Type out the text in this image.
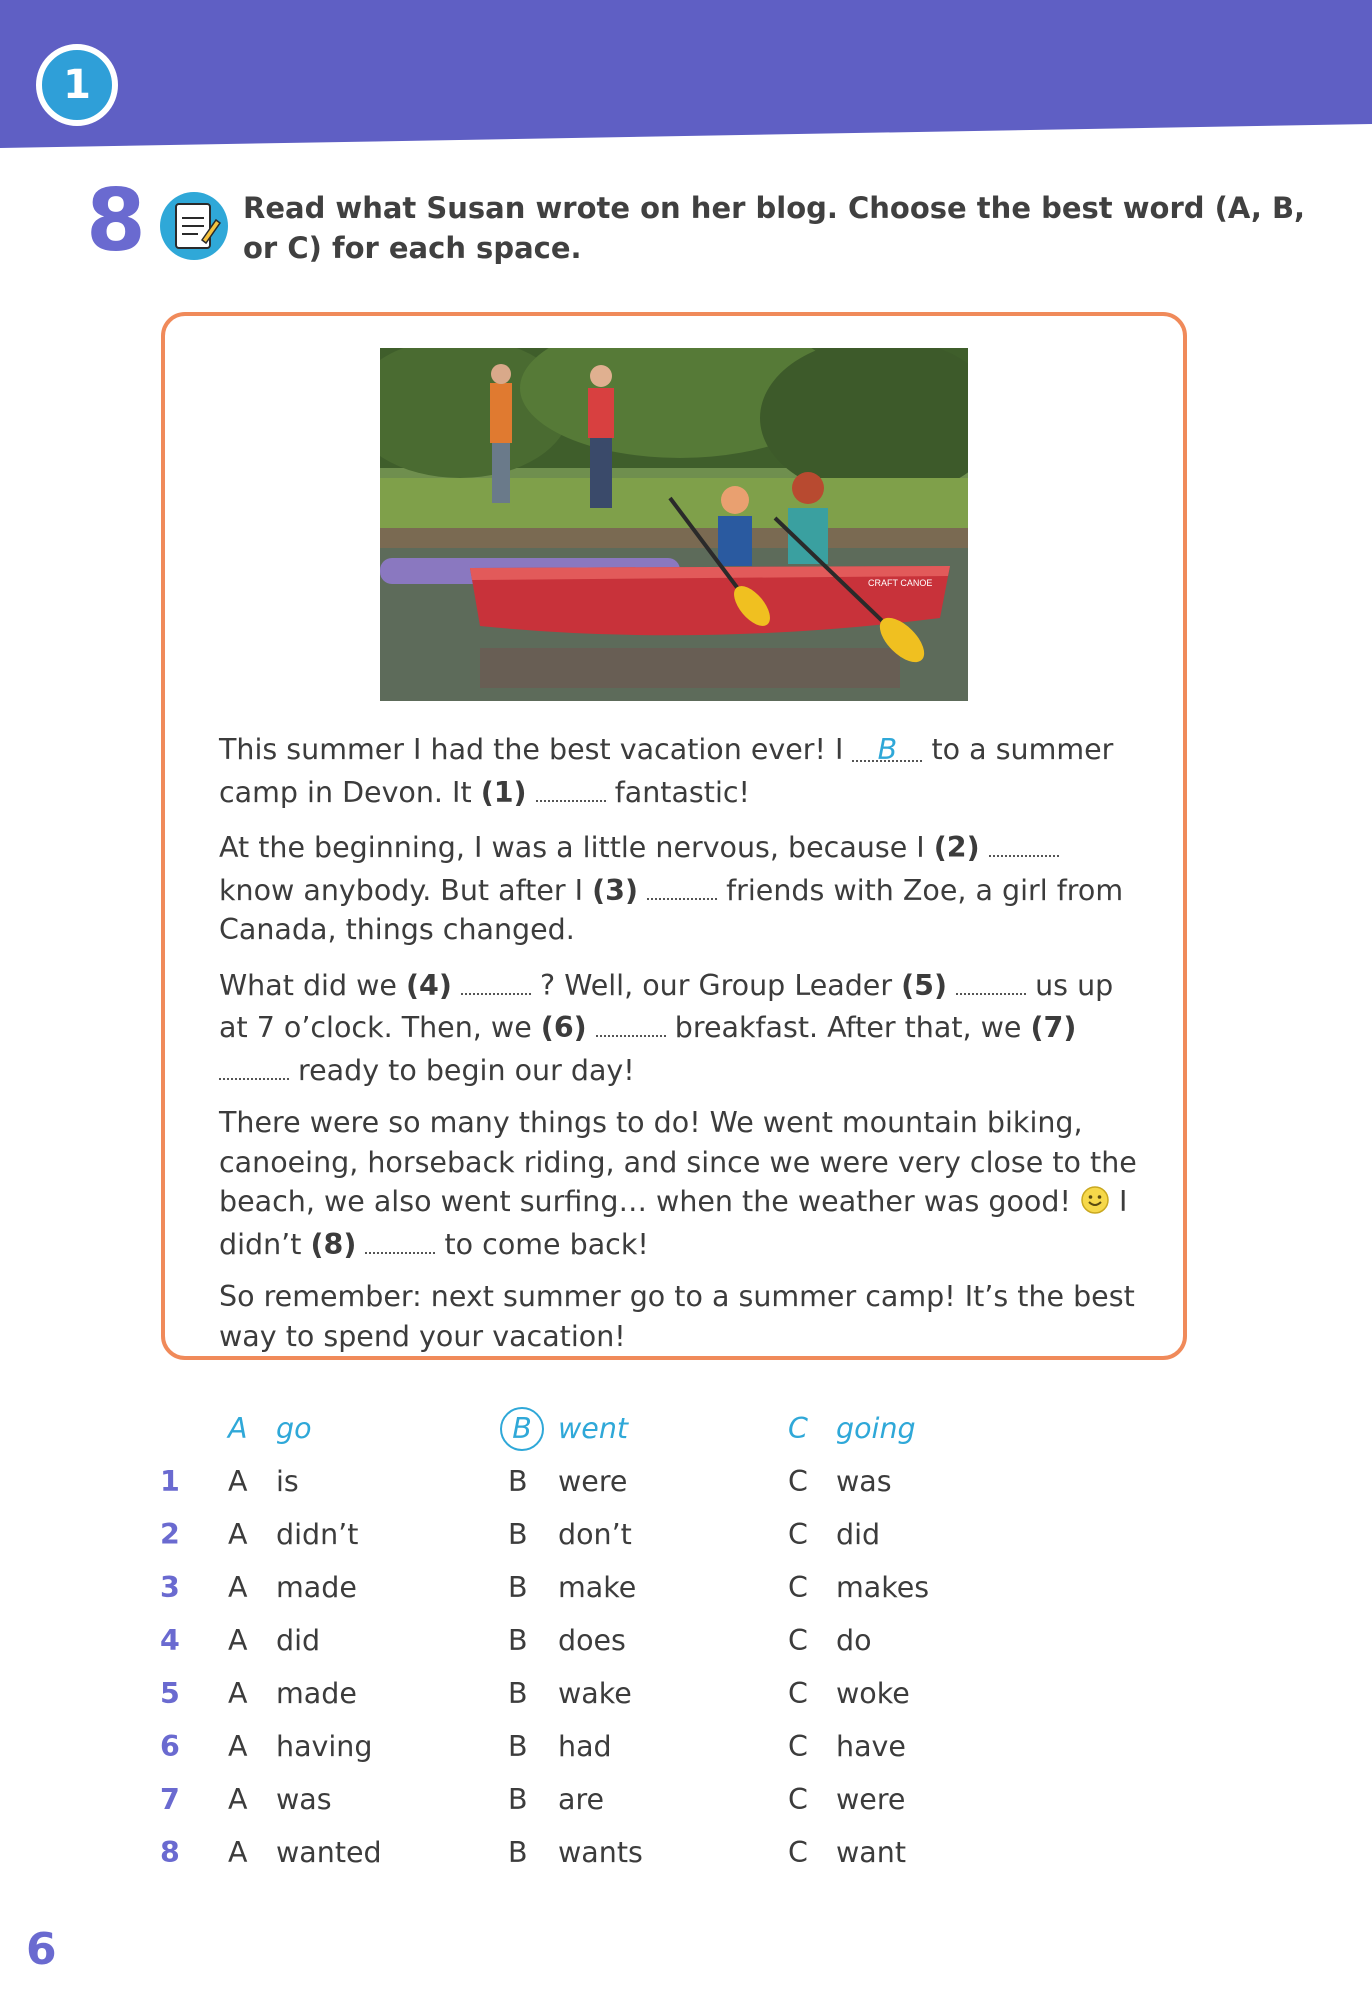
1
8	Read what Susan wrote on her blog. Choose the best word (A, B, or C) for each space.
CRAFT CANOE

This summer I had the best vacation ever! I B to a summer camp in Devon. It (1)	fantastic!

At the beginning, I was a little nervous, because I (2)  know anybody. But after I (3)	friends with Zoe, a girl from Canada, things changed.

What did we (4)	? Well, our Group Leader (5)	us up at 7 o’clock. Then, we (6)	breakfast. After that, we (7)  ready to begin our day!

There were so many things to do! We went mountain biking, canoeing, horseback riding, and since we were very close to the beach, we also went surfing… when the weather was good!  I didn’t (8)	to come back!

So remember: next summer go to a summer camp! It’s the best way to spend your vacation!

A go	B went	C going
1 A is	B were	C was
2 A didn’t	B don’t	C did
3 A made	B make	C makes
4 A did	B does	C do
5 A made	B wake	C woke
6 A having	B had	C have
7 A was	B are	C were
8 A wanted	B wants	C want
6
